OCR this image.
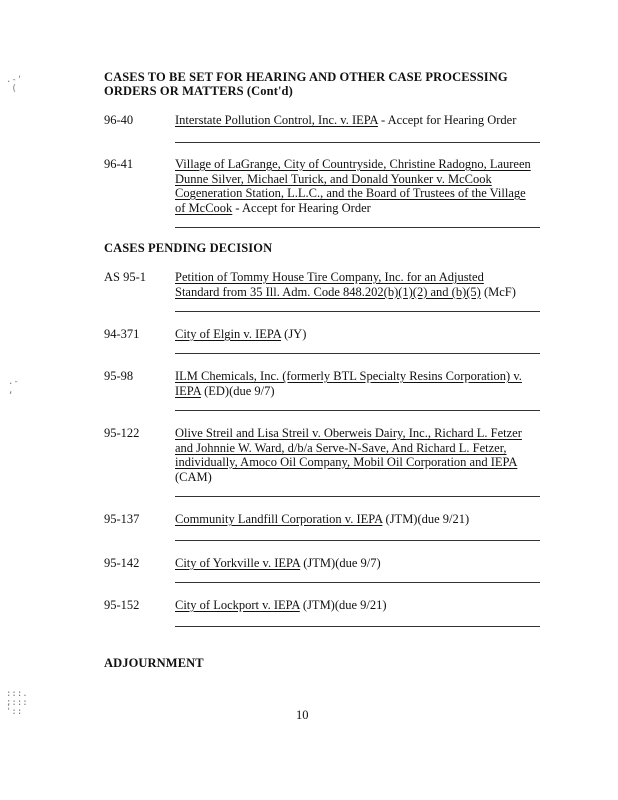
.-'
(
.-
,
:::.
;:::
'::
CASES TO BE SET FOR HEARING AND OTHER CASE PROCESSING
ORDERS OR MATTERS (Cont'd)
96-40	Interstate Pollution Control, Inc. v. IEPA - Accept for Hearing Order
96-41	Village of LaGrange, City of Countryside, Christine Radogno, Laureen
Dunne Silver, Michael Turick, and Donald Younker v. McCook
Cogeneration Station, L.L.C., and the Board of Trustees of the Village
of McCook - Accept for Hearing Order
CASES PENDING DECISION
AS 95-1	Petition of Tommy House Tire Company, Inc. for an Adjusted
Standard from 35 Ill. Adm. Code 848.202(b)(1)(2) and (b)(5) (McF)
94-371	City of Elgin v. IEPA (JY)
95-98	ILM Chemicals, Inc. (formerly BTL Specialty Resins Corporation) v.
IEPA (ED)(due 9/7)
95-122	Olive Streil and Lisa Streil v. Oberweis Dairy, Inc., Richard L. Fetzer
and Johnnie W. Ward, d/b/a Serve-N-Save, And Richard L. Fetzer,
individually, Amoco Oil Company, Mobil Oil Corporation and IEPA
(CAM)
95-137	Community Landfill Corporation v. IEPA (JTM)(due 9/21)
95-142	City of Yorkville v. IEPA (JTM)(due 9/7)
95-152	City of Lockport v. IEPA (JTM)(due 9/21)
ADJOURNMENT
10
